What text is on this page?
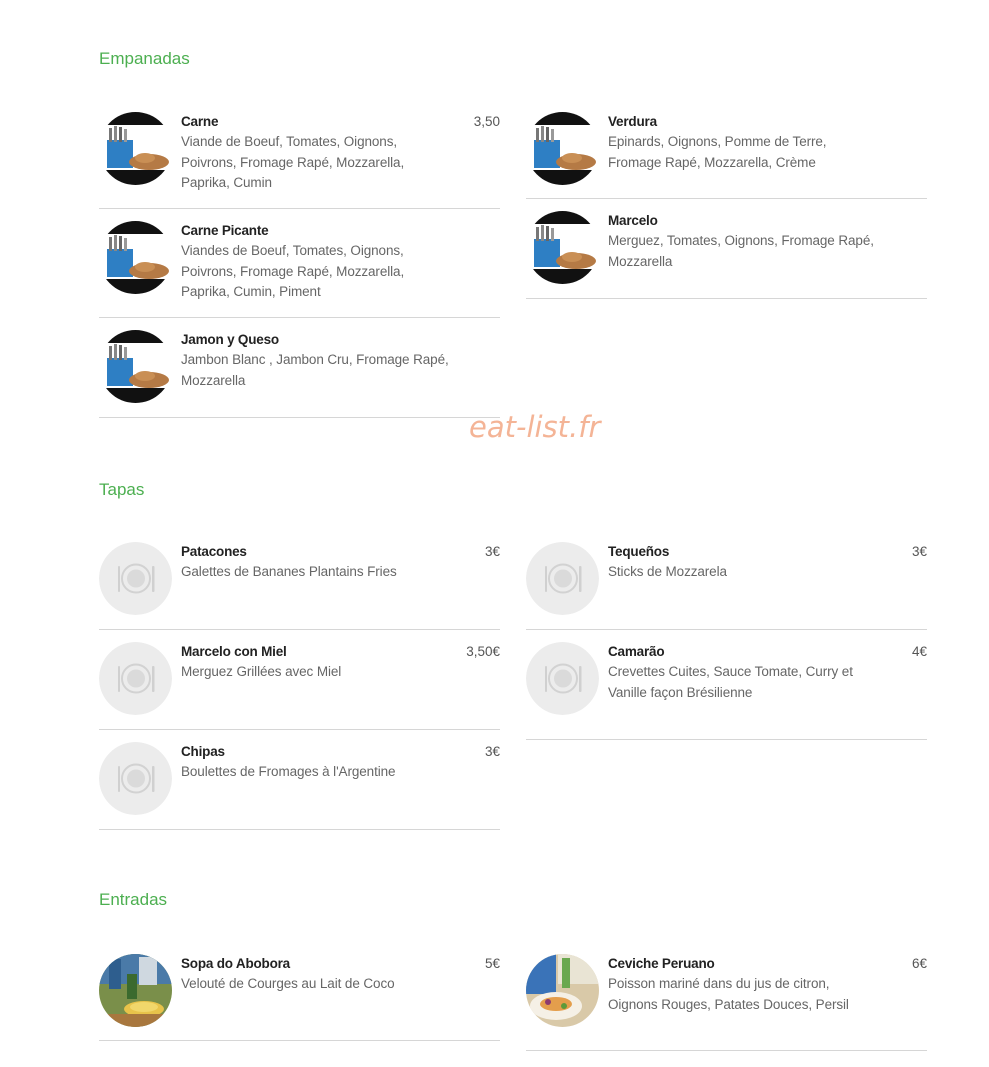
Empanadas
Carne
Viande de Boeuf, Tomates, Oignons, Poivrons, Fromage Rapé, Mozzarella, Paprika, Cumin
3,50
Carne Picante
Viandes de Boeuf, Tomates, Oignons, Poivrons, Fromage Rapé, Mozzarella, Paprika, Cumin, Piment
Jamon y Queso
Jambon Blanc , Jambon Cru, Fromage Rapé, Mozzarella
Verdura
Epinards, Oignons, Pomme de Terre, Fromage Rapé, Mozzarella, Crème
Marcelo
Merguez, Tomates, Oignons, Fromage Rapé, Mozzarella
eat-list.fr
Tapas
Patacones
Galettes de Bananes Plantains Fries
3€
Marcelo con Miel
Merguez Grillées avec Miel
3,50€
Chipas
Boulettes de Fromages à l'Argentine
3€
Tequeños
Sticks de Mozzarela
3€
Camarão
Crevettes Cuites, Sauce Tomate, Curry et Vanille façon Brésilienne
4€
Entradas
Sopa do Abobora
Velouté de Courges au Lait de Coco
5€	Ceviche Peruano
Poisson mariné dans du jus de citron, Oignons Rouges, Patates Douces, Persil
6€
